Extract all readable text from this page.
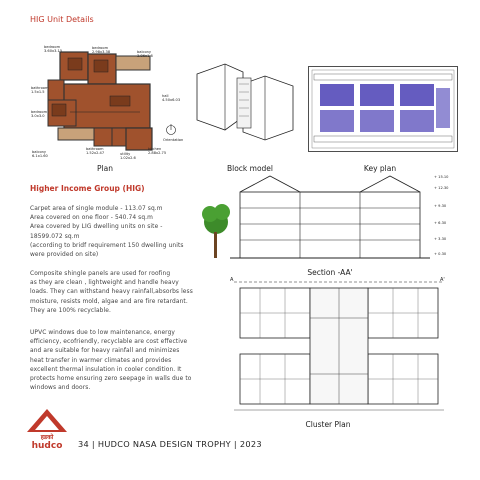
HIG Unit Details
bedroom
3.60x3.15
bedroom
2.98x3.38	balcony
3.86x1.6
bathroom
1.5x1.5
hall
4.50x6.03
bedroom
3.0x3.0
balcony
6.1x1.60
bathroom
1.52x2.47	utility
1.02x2.6
kitchen
2.88x2.75
Orientation
Plan	Block model	Key plan
Higher Income Group (HIG)
Carpet area of single module - 113.07 sq.m
Area covered on one floor - 540.74 sq.m
Area covered by LIG dwelling units on site -
18599.072 sq.m
(according to bridf requirement 150 dwelling units
were provided on site)
Composite shingle panels are used for roofing
as they are clean , lightweight and handle heavy
loads. They can withstand heavy rainfall,absorbs less
moisture, resists mold, algae and are fire retardant.
They are 100% recyclable.
UPVC windows due to low maintenance, energy
efficiency, ecofriendly, recyclable are cost effective
and are suitable for heavy rainfall and minimizes
heat transfer in warmer climates and provides
excellent thermal insulation in cooler condition. It
protects home ensuring zero seepage in walls due to
windows and doors.
+ 15.10
+ 12.30
+ 9.30
+ 6.30
+ 3.30
+ 0.30
Section -AA'
A	A'
Cluster Plan
हडको
hudco	34 | HUDCO NASA DESIGN TROPHY | 2023
